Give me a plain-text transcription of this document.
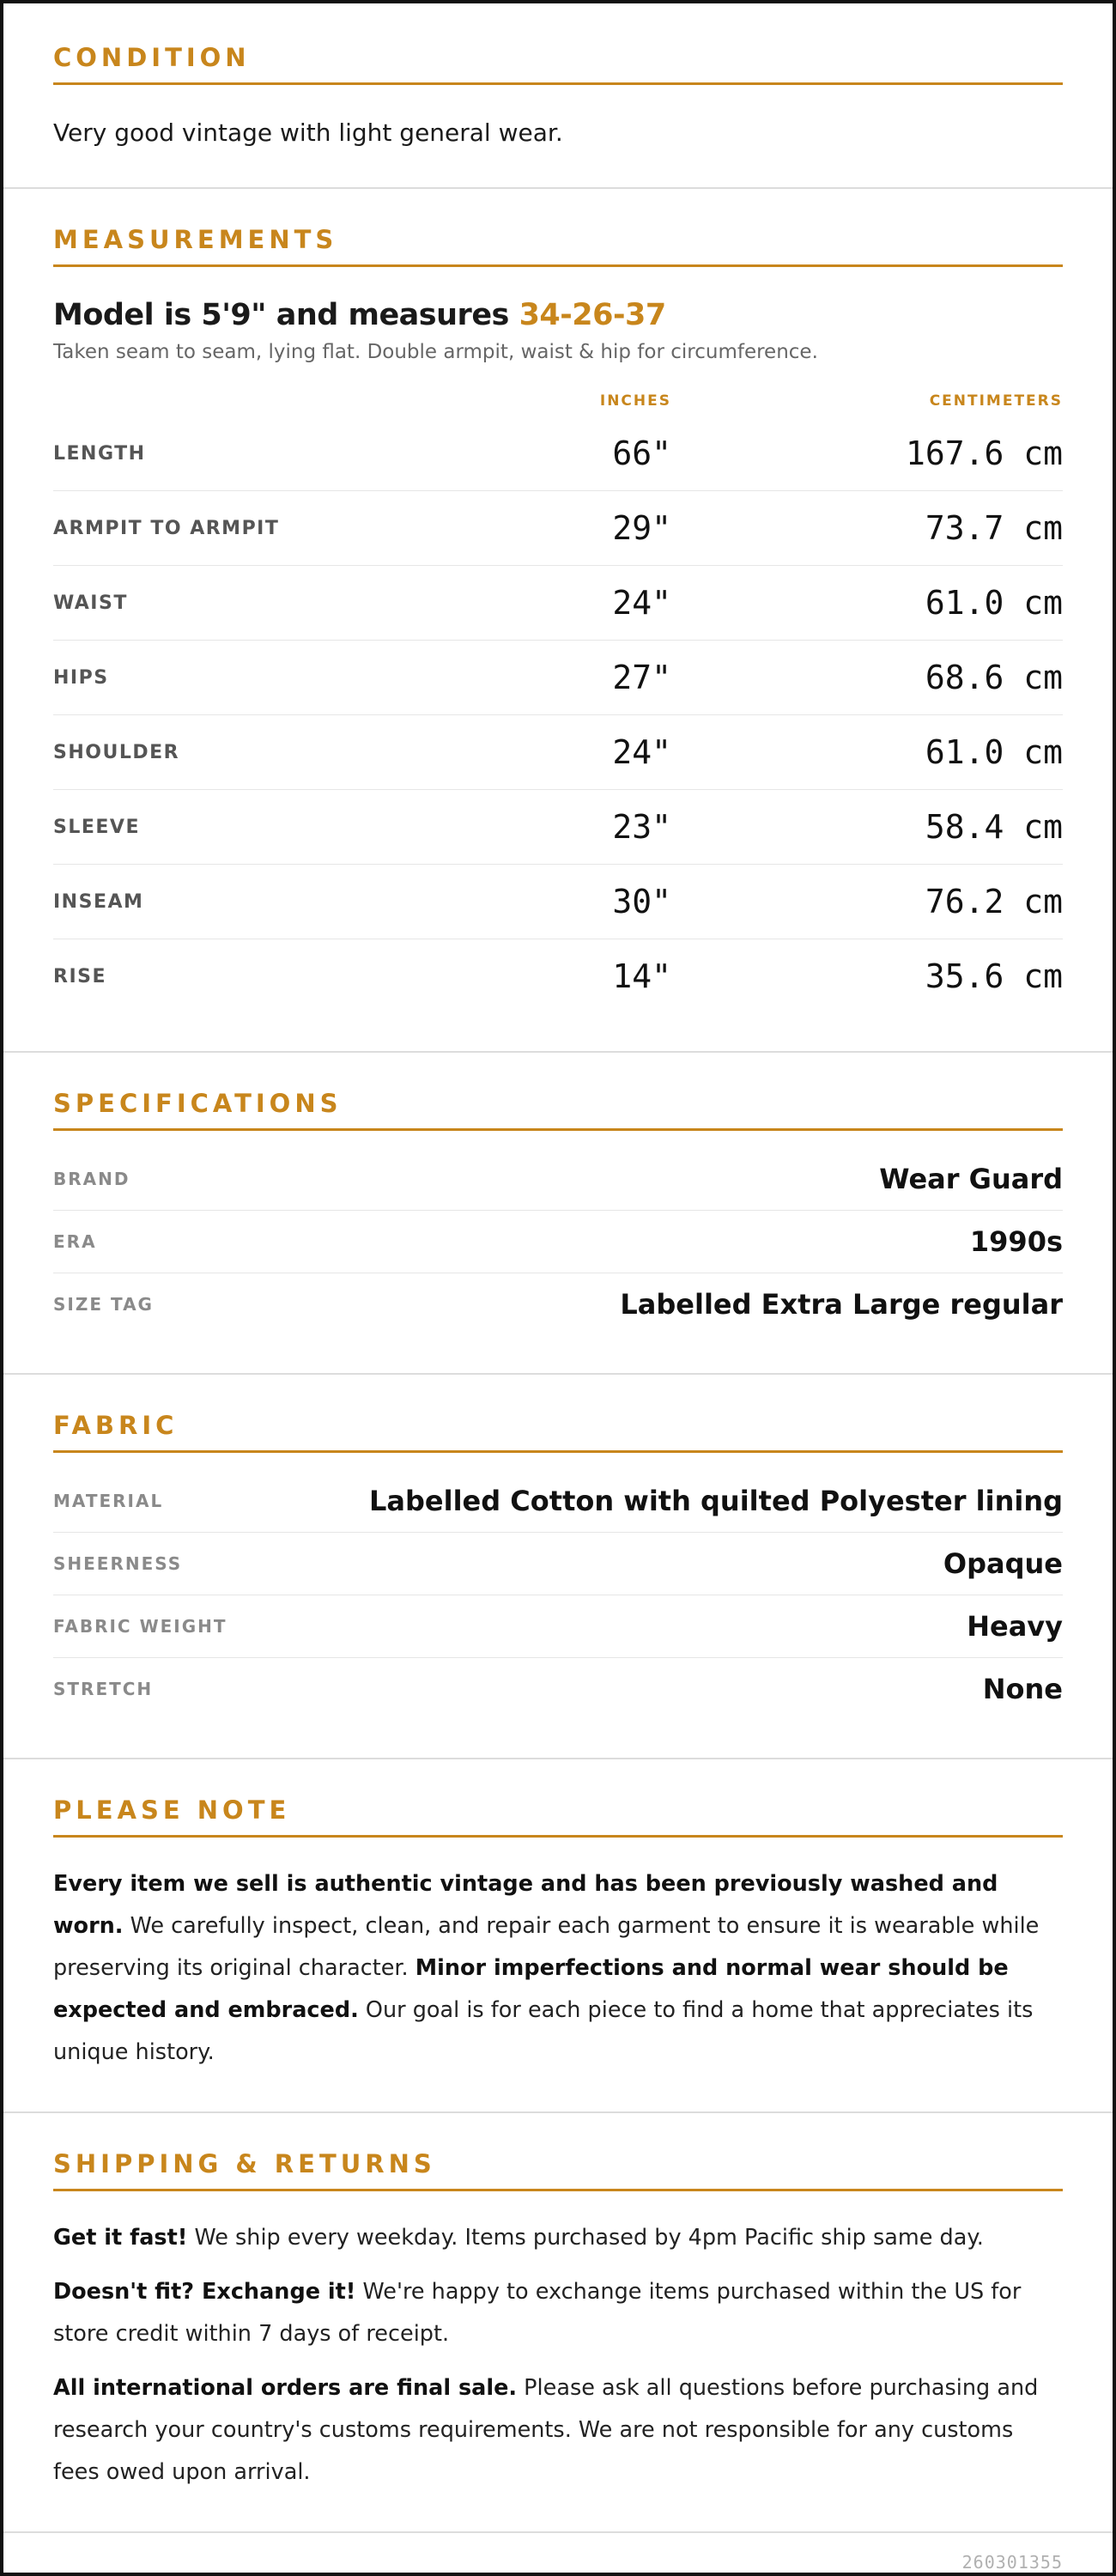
CONDITION
Very good vintage with light general wear.
MEASUREMENTS
Model is 5'9" and measures 34-26-37
Taken seam to seam, lying flat. Double armpit, waist & hip for circumference.
INCHES	CENTIMETERS
LENGTH	66"	167.6 cm
ARMPIT TO ARMPIT	29"	73.7 cm
WAIST	24"	61.0 cm
HIPS	27"	68.6 cm
SHOULDER	24"	61.0 cm
SLEEVE	23"	58.4 cm
INSEAM	30"	76.2 cm
RISE	14"	35.6 cm
SPECIFICATIONS
BRAND	Wear Guard
ERA	1990s
SIZE TAG	Labelled Extra Large regular
FABRIC
MATERIAL	Labelled Cotton with quilted Polyester lining
SHEERNESS	Opaque
FABRIC WEIGHT	Heavy
STRETCH	None
PLEASE NOTE
Every item we sell is authentic vintage and has been previously washed and worn. We carefully inspect, clean, and repair each garment to ensure it is wearable while preserving its original character. Minor imperfections and normal wear should be expected and embraced. Our goal is for each piece to find a home that appreciates its unique history.
SHIPPING & RETURNS
Get it fast! We ship every weekday. Items purchased by 4pm Pacific ship same day.
Doesn't fit? Exchange it! We're happy to exchange items purchased within the US for store credit within 7 days of receipt.
All international orders are final sale. Please ask all questions before purchasing and research your country's customs requirements. We are not responsible for any customs fees owed upon arrival.
260301355
